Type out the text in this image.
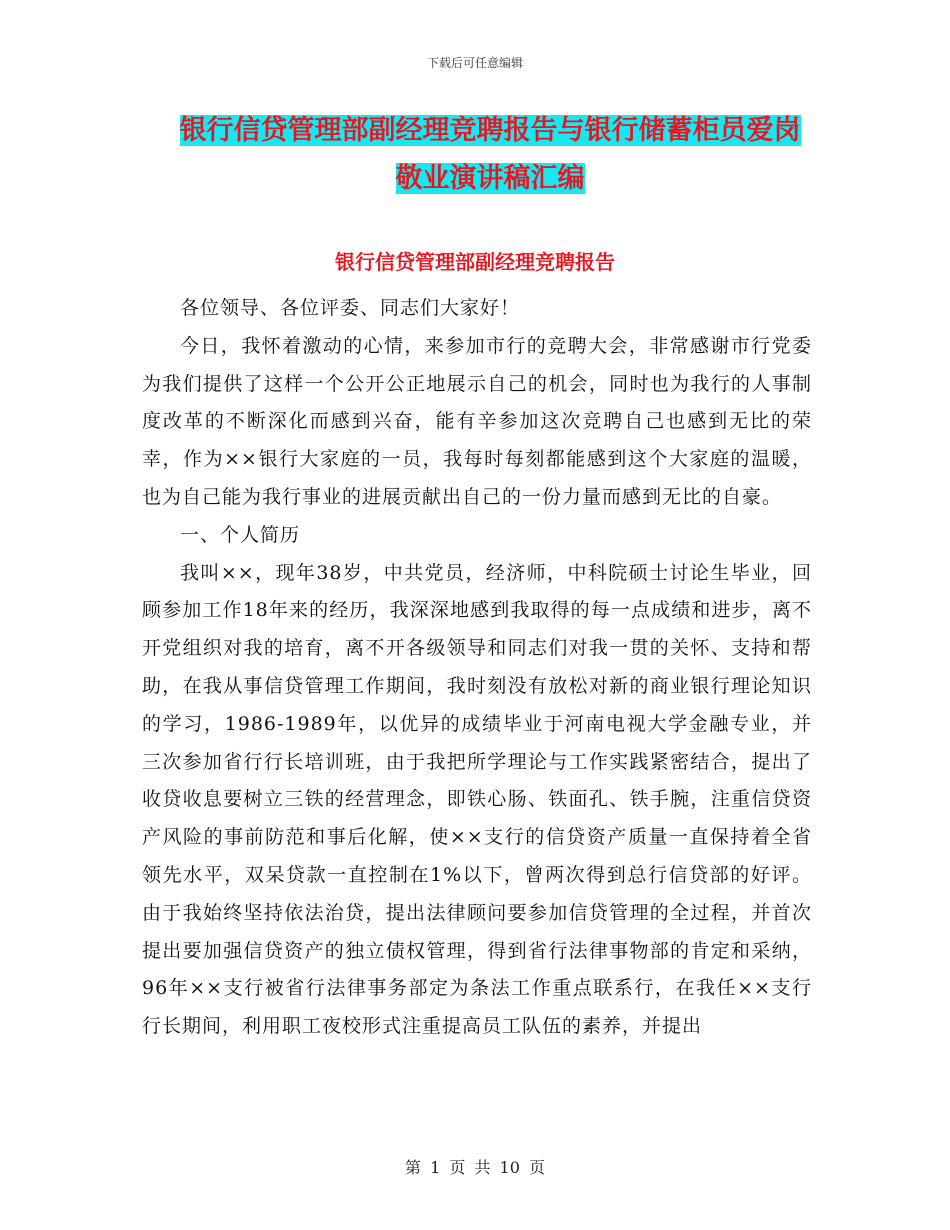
下载后可任意编辑
银行信贷管理部副经理竞聘报告与银行储蓄柜员爱岗
敬业演讲稿汇编
银行信贷管理部副经理竞聘报告

各位领导、各位评委、同志们大家好！

今日，我怀着激动的心情，来参加市行的竞聘大会，非常感谢市行党委为我们提供了这样一个公开公正地展示自己的机会，同时也为我行的人事制度改革的不断深化而感到兴奋，能有辛参加这次竞聘自己也感到无比的荣幸，作为××银行大家庭的一员，我每时每刻都能感到这个大家庭的温暖，也为自己能为我行事业的进展贡献出自己的一份力量而感到无比的自豪。

一、个人简历

我叫××，现年38岁，中共党员，经济师，中科院硕士讨论生毕业，回顾参加工作18年来的经历，我深深地感到我取得的每一点成绩和进步，离不开党组织对我的培育，离不开各级领导和同志们对我一贯的关怀、支持和帮助，在我从事信贷管理工作期间，我时刻没有放松对新的商业银行理论知识的学习，1986-1989年，以优异的成绩毕业于河南电视大学金融专业，并三次参加省行行长培训班，由于我把所学理论与工作实践紧密结合，提出了收贷收息要树立三铁的经营理念，即铁心肠、铁面孔、铁手腕，注重信贷资产风险的事前防范和事后化解，使××支行的信贷资产质量一直保持着全省领先水平，双呆贷款一直控制在1%以下，曾两次得到总行信贷部的好评。由于我始终坚持依法治贷，提出法律顾问要参加信贷管理的全过程，并首次提出要加强信贷资产的独立债权管理，得到省行法律事物部的肯定和采纳，96年××支行被省行法律事务部定为条法工作重点联系行，在我任××支行行长期间，利用职工夜校形式注重提高员工队伍的素养，并提出

第 1 页 共 10 页
